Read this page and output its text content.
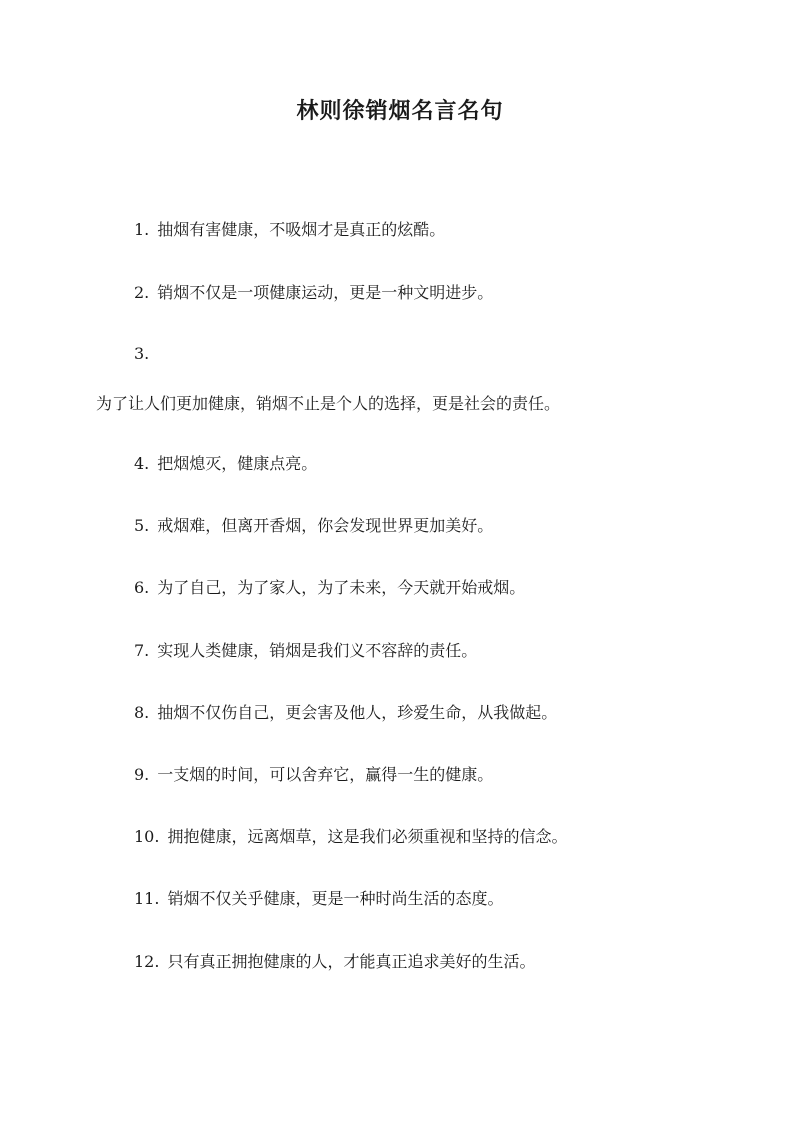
林则徐销烟名言名句
1. 抽烟有害健康，不吸烟才是真正的炫酷。
2. 销烟不仅是一项健康运动，更是一种文明进步。
3.
为了让人们更加健康，销烟不止是个人的选择，更是社会的责任。
4. 把烟熄灭，健康点亮。
5. 戒烟难，但离开香烟，你会发现世界更加美好。
6. 为了自己，为了家人，为了未来，今天就开始戒烟。
7. 实现人类健康，销烟是我们义不容辞的责任。
8. 抽烟不仅伤自己，更会害及他人，珍爱生命，从我做起。
9. 一支烟的时间，可以舍弃它，赢得一生的健康。
10. 拥抱健康，远离烟草，这是我们必须重视和坚持的信念。
11. 销烟不仅关乎健康，更是一种时尚生活的态度。
12. 只有真正拥抱健康的人，才能真正追求美好的生活。
